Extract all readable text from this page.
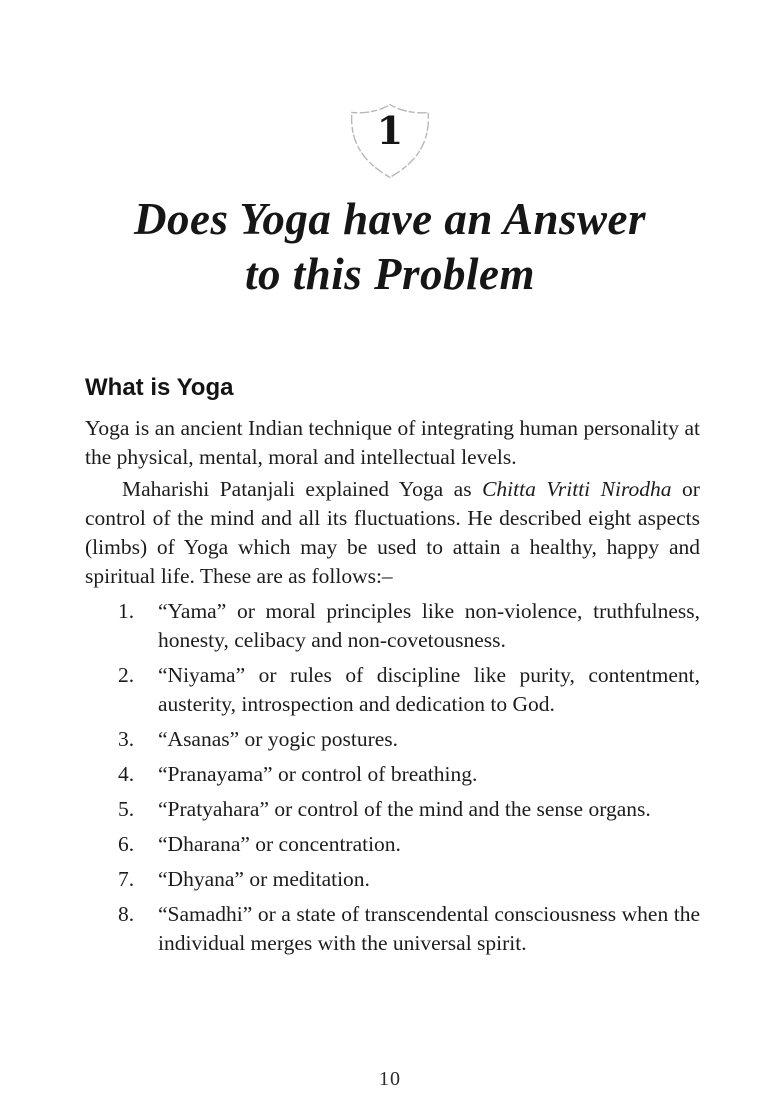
1
Does Yoga have an Answer
to this Problem
What is Yoga

Yoga is an ancient Indian technique of integrating human personality at the physical, mental, moral and intellectual levels.

Maharishi Patanjali explained Yoga as Chitta Vritti Nirodha or control of the mind and all its fluctuations. He described eight aspects (limbs) of Yoga which may be used to attain a healthy, happy and spiritual life. These are as follows:–

1.	“Yama” or moral principles like non-violence, truthfulness, honesty, celibacy and non-covetousness.
2.	“Niyama” or rules of discipline like purity, contentment, austerity, introspection and dedication to God.
3.	“Asanas” or yogic postures.
4.	“Pranayama” or control of breathing.
5.	“Pratyahara” or control of the mind and the sense organs.
6.	“Dharana” or concentration.
7.	“Dhyana” or meditation.
8.	“Samadhi” or a state of transcendental consciousness when the individual merges with the universal spirit.
10
